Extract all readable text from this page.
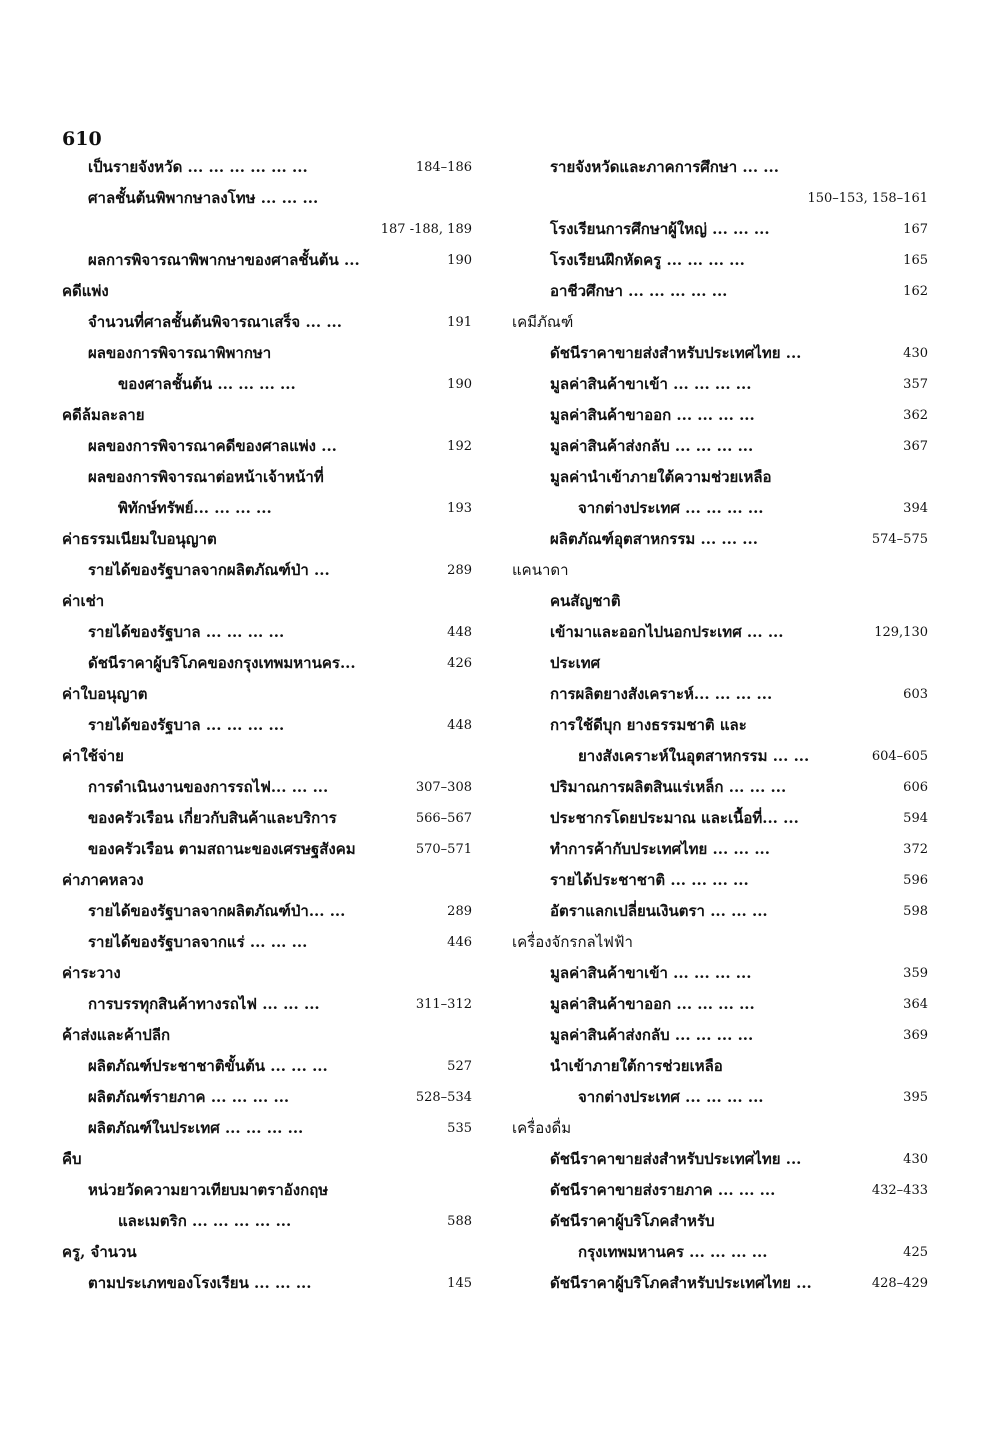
610
เป็นรายจังหวัด ... ... ... ... ... ...	184–186
ศาลชั้นต้นพิพากษาลงโทษ ... ... ...
187 -188, 189
ผลการพิจารณาพิพากษาของศาลชั้นต้น ...	190
คดีแพ่ง
จำนวนที่ศาลชั้นต้นพิจารณาเสร็จ ... ...	191
ผลของการพิจารณาพิพากษา
ของศาลชั้นต้น ... ... ... ...	190
คดีล้มละลาย
ผลของการพิจารณาคดีของศาลแพ่ง ...	192
ผลของการพิจารณาต่อหน้าเจ้าหน้าที่
พิทักษ์ทรัพย์... ... ... ...	193
ค่าธรรมเนียมใบอนุญาต
รายได้ของรัฐบาลจากผลิตภัณฑ์ป่า ...	289
ค่าเช่า
รายได้ของรัฐบาล ... ... ... ...	448
ดัชนีราคาผู้บริโภคของกรุงเทพมหานคร...	426
ค่าใบอนุญาต
รายได้ของรัฐบาล ... ... ... ...	448
ค่าใช้จ่าย
การดำเนินงานของการรถไฟ... ... ...	307–308
ของครัวเรือน เกี่ยวกับสินค้าและบริการ	566–567
ของครัวเรือน ตามสถานะของเศรษฐสังคม	570–571
ค่าภาคหลวง
รายได้ของรัฐบาลจากผลิตภัณฑ์ป่า... ...	289
รายได้ของรัฐบาลจากแร่ ... ... ...	446
ค่าระวาง
การบรรทุกสินค้าทางรถไฟ ... ... ...	311–312
ค้าส่งและค้าปลีก
ผลิตภัณฑ์ประชาชาติขั้นต้น ... ... ...	527
ผลิตภัณฑ์รายภาค ... ... ... ...	528–534
ผลิตภัณฑ์ในประเทศ ... ... ... ...	535
คืบ
หน่วยวัดความยาวเทียบมาตราอังกฤษ
และเมตริก ... ... ... ... ...	588
ครู, จำนวน
ตามประเภทของโรงเรียน ... ... ...	145
รายจังหวัดและภาคการศึกษา ... ...
150–153, 158–161
โรงเรียนการศึกษาผู้ใหญ่ ... ... ...	167
โรงเรียนฝึกหัดครู ... ... ... ...	165
อาชีวศึกษา ... ... ... ... ...	162
เคมีภัณฑ์
ดัชนีราคาขายส่งสำหรับประเทศไทย ...	430
มูลค่าสินค้าขาเข้า ... ... ... ...	357
มูลค่าสินค้าขาออก ... ... ... ...	362
มูลค่าสินค้าส่งกลับ ... ... ... ...	367
มูลค่านำเข้าภายใต้ความช่วยเหลือ
จากต่างประเทศ ... ... ... ...	394
ผลิตภัณฑ์อุตสาหกรรม ... ... ...	574–575
แคนาดา
คนสัญชาติ
เข้ามาและออกไปนอกประเทศ ... ...	129,130
ประเทศ
การผลิตยางสังเคราะห์... ... ... ...	603
การใช้ดีบุก ยางธรรมชาติ และ
ยางสังเคราะห์ในอุตสาหกรรม ... ...	604–605
ปริมาณการผลิตสินแร่เหล็ก ... ... ...	606
ประชากรโดยประมาณ และเนื้อที่... ...	594
ทำการค้ากับประเทศไทย ... ... ...	372
รายได้ประชาชาติ ... ... ... ...	596
อัตราแลกเปลี่ยนเงินตรา ... ... ...	598
เครื่องจักรกลไฟฟ้า
มูลค่าสินค้าขาเข้า ... ... ... ...	359
มูลค่าสินค้าขาออก ... ... ... ...	364
มูลค่าสินค้าส่งกลับ ... ... ... ...	369
นำเข้าภายใต้การช่วยเหลือ
จากต่างประเทศ ... ... ... ...	395
เครื่องดื่ม
ดัชนีราคาขายส่งสำหรับประเทศไทย ...	430
ดัชนีราคาขายส่งรายภาค ... ... ...	432–433
ดัชนีราคาผู้บริโภคสำหรับ
กรุงเทพมหานคร ... ... ... ...	425
ดัชนีราคาผู้บริโภคสำหรับประเทศไทย ...	428–429
